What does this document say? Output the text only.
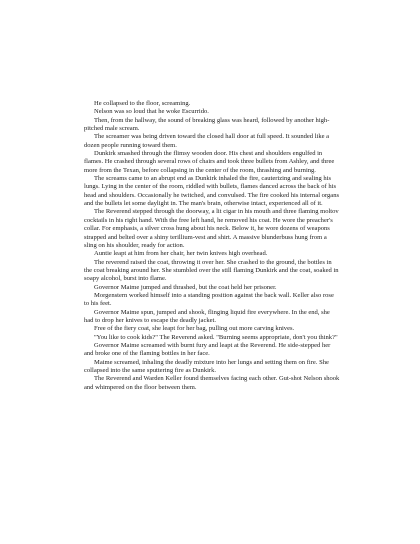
He collapsed to the floor, screaming.

Nelson was so loud that he woke Escurrido.

Then, from the hallway, the sound of breaking glass was heard, followed by another high-pitched male scream.

The screamer was being driven toward the closed hall door at full speed. It sounded like a dozen people running toward them.

Dunkirk smashed through the flimsy wooden door. His chest and shoulders engulfed in flames. He crashed through several rows of chairs and took three bullets from Ashley, and three more from the Texan, before collapsing in the center of the room, thrashing and burning.

The screams came to an abrupt end as Dunkirk inhaled the fire, cauterizing and sealing his lungs. Lying in the center of the room, riddled with bullets, flames danced across the back of his head and shoulders. Occasionally he twitched, and convulsed. The fire cooked his internal organs and the bullets let some daylight in. The man's brain, otherwise intact, experienced all of it.

The Reverend stepped through the doorway, a lit cigar in his mouth and three flaming moltov cocktails in his right hand. With the free left hand, he removed his coat. He wore the preacher's collar. For emphasis, a silver cross hung about his neck. Below it, he wore dozens of weapons strapped and belted over a shiny terillium-vest and shirt. A massive blunderbuss hung from a sling on his shoulder, ready for action.

Auntie leapt at him from her chair, her twin knives high overhead.

The reverend raised the coat, throwing it over her. She crashed to the ground, the bottles in the coat breaking around her. She stumbled over the still flaming Dunkirk and the coat, soaked in soapy alcohol, burst into flame.

Governor Maime jumped and thrashed, but the coat held her prisoner.

Morgenstern worked himself into a standing position against the back wall. Keller also rose to his feet.

Governor Maime spun, jumped and shook, flinging liquid fire everywhere. In the end, she had to drop her knives to escape the deadly jacket.

Free of the fiery coat, she leapt for her bag, pulling out more carving knives.

"You like to cook kids?" The Reverend asked. "Burning seems appropriate, don't you think?"

Governor Maime screamed with burnt fury and leapt at the Reverend. He side-stepped her and broke one of the flaming bottles in her face.

Maime screamed, inhaling the deadly mixture into her lungs and setting them on fire. She collapsed into the same sputtering fire as Dunkirk.

The Reverend and Warden Keller found themselves facing each other. Gut-shot Nelson shook and whimpered on the floor between them.
